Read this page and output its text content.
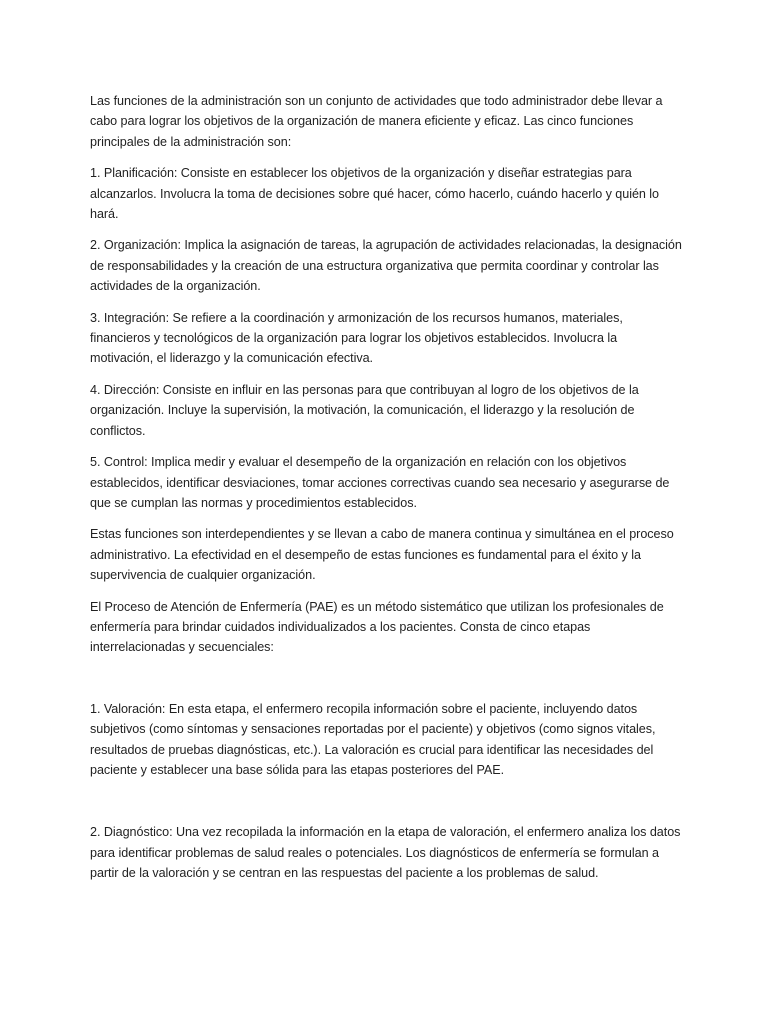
Las funciones de la administración son un conjunto de actividades que todo administrador debe llevar a cabo para lograr los objetivos de la organización de manera eficiente y eficaz. Las cinco funciones principales de la administración son:

1. Planificación: Consiste en establecer los objetivos de la organización y diseñar estrategias para alcanzarlos. Involucra la toma de decisiones sobre qué hacer, cómo hacerlo, cuándo hacerlo y quién lo hará.

2. Organización: Implica la asignación de tareas, la agrupación de actividades relacionadas, la designación de responsabilidades y la creación de una estructura organizativa que permita coordinar y controlar las actividades de la organización.

3. Integración: Se refiere a la coordinación y armonización de los recursos humanos, materiales, financieros y tecnológicos de la organización para lograr los objetivos establecidos. Involucra la motivación, el liderazgo y la comunicación efectiva.

4. Dirección: Consiste en influir en las personas para que contribuyan al logro de los objetivos de la organización. Incluye la supervisión, la motivación, la comunicación, el liderazgo y la resolución de conflictos.

5. Control: Implica medir y evaluar el desempeño de la organización en relación con los objetivos establecidos, identificar desviaciones, tomar acciones correctivas cuando sea necesario y asegurarse de que se cumplan las normas y procedimientos establecidos.

Estas funciones son interdependientes y se llevan a cabo de manera continua y simultánea en el proceso administrativo. La efectividad en el desempeño de estas funciones es fundamental para el éxito y la supervivencia de cualquier organización.

El Proceso de Atención de Enfermería (PAE) es un método sistemático que utilizan los profesionales de enfermería para brindar cuidados individualizados a los pacientes. Consta de cinco etapas interrelacionadas y secuenciales:

1. Valoración: En esta etapa, el enfermero recopila información sobre el paciente, incluyendo datos subjetivos (como síntomas y sensaciones reportadas por el paciente) y objetivos (como signos vitales, resultados de pruebas diagnósticas, etc.). La valoración es crucial para identificar las necesidades del paciente y establecer una base sólida para las etapas posteriores del PAE.

2. Diagnóstico: Una vez recopilada la información en la etapa de valoración, el enfermero analiza los datos para identificar problemas de salud reales o potenciales. Los diagnósticos de enfermería se formulan a partir de la valoración y se centran en las respuestas del paciente a los problemas de salud.
